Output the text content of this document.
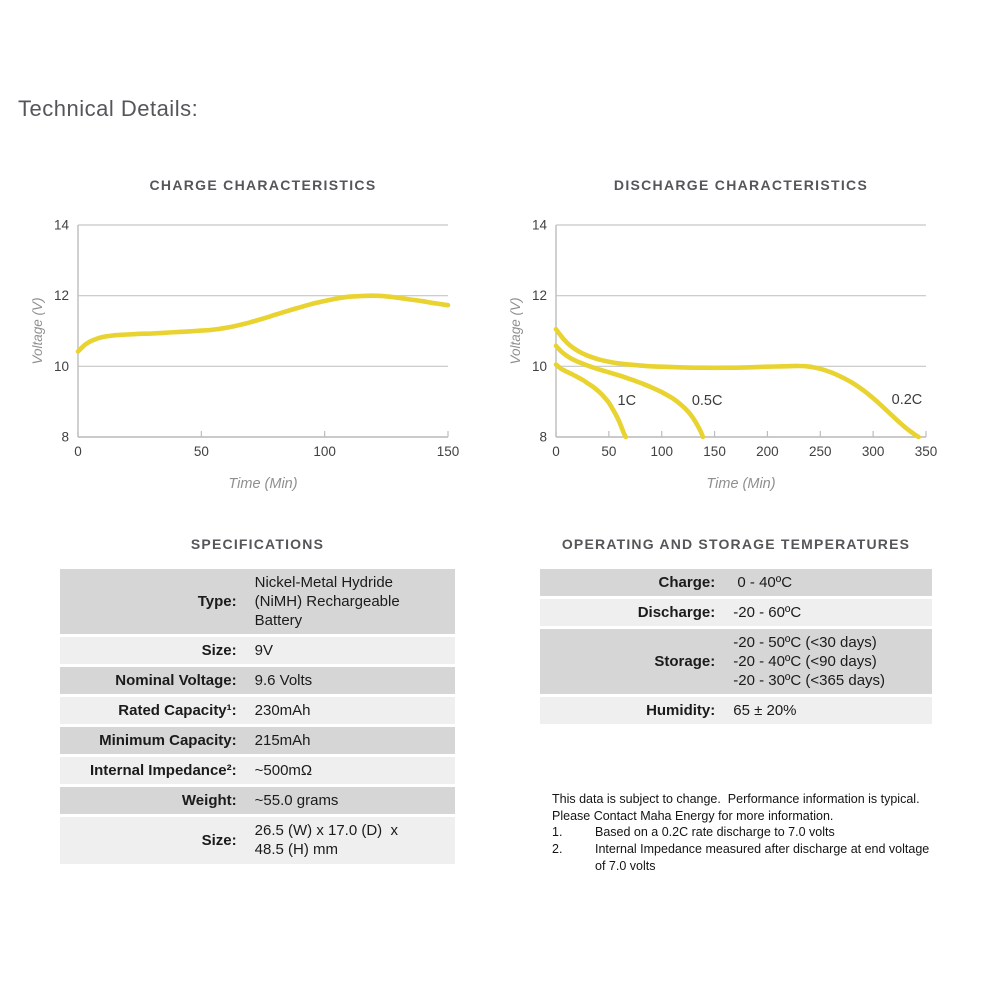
Technical Details:
CHARGE CHARACTERISTICS
8
10
12
14
0	50	100	150
Time (Min)
Voltage (V)
DISCHARGE CHARACTERISTICS
8
10
12
14
0	50	100 150 200 250 300 350
1C	0.5C	0.2C
Time (Min)
Voltage (V)
SPECIFICATIONS
Type:
Nickel-Metal Hydride
(NiMH) Rechargeable
Battery
Size:	9V
Nominal Voltage:	9.6 Volts
Rated Capacity¹:	230mAh
Minimum Capacity:	215mAh
Internal Impedance²:	~500mΩ
Weight:	~55.0 grams
Size:
26.5 (W) x 17.0 (D)  x
48.5 (H) mm
OPERATING AND STORAGE TEMPERATURES
Charge:	0 - 40ºC
Discharge:	-20 - 60ºC
Storage:
-20 - 50ºC (<30 days)
-20 - 40ºC (<90 days)
-20 - 30ºC (<365 days)
Humidity:	65 ± 20%
This data is subject to change.  Performance information is typical. Please Contact Maha Energy for more information.
1.	Based on a 0.2C rate discharge to 7.0 volts
2.	Internal Impedance measured after discharge at end voltage of 7.0 volts
